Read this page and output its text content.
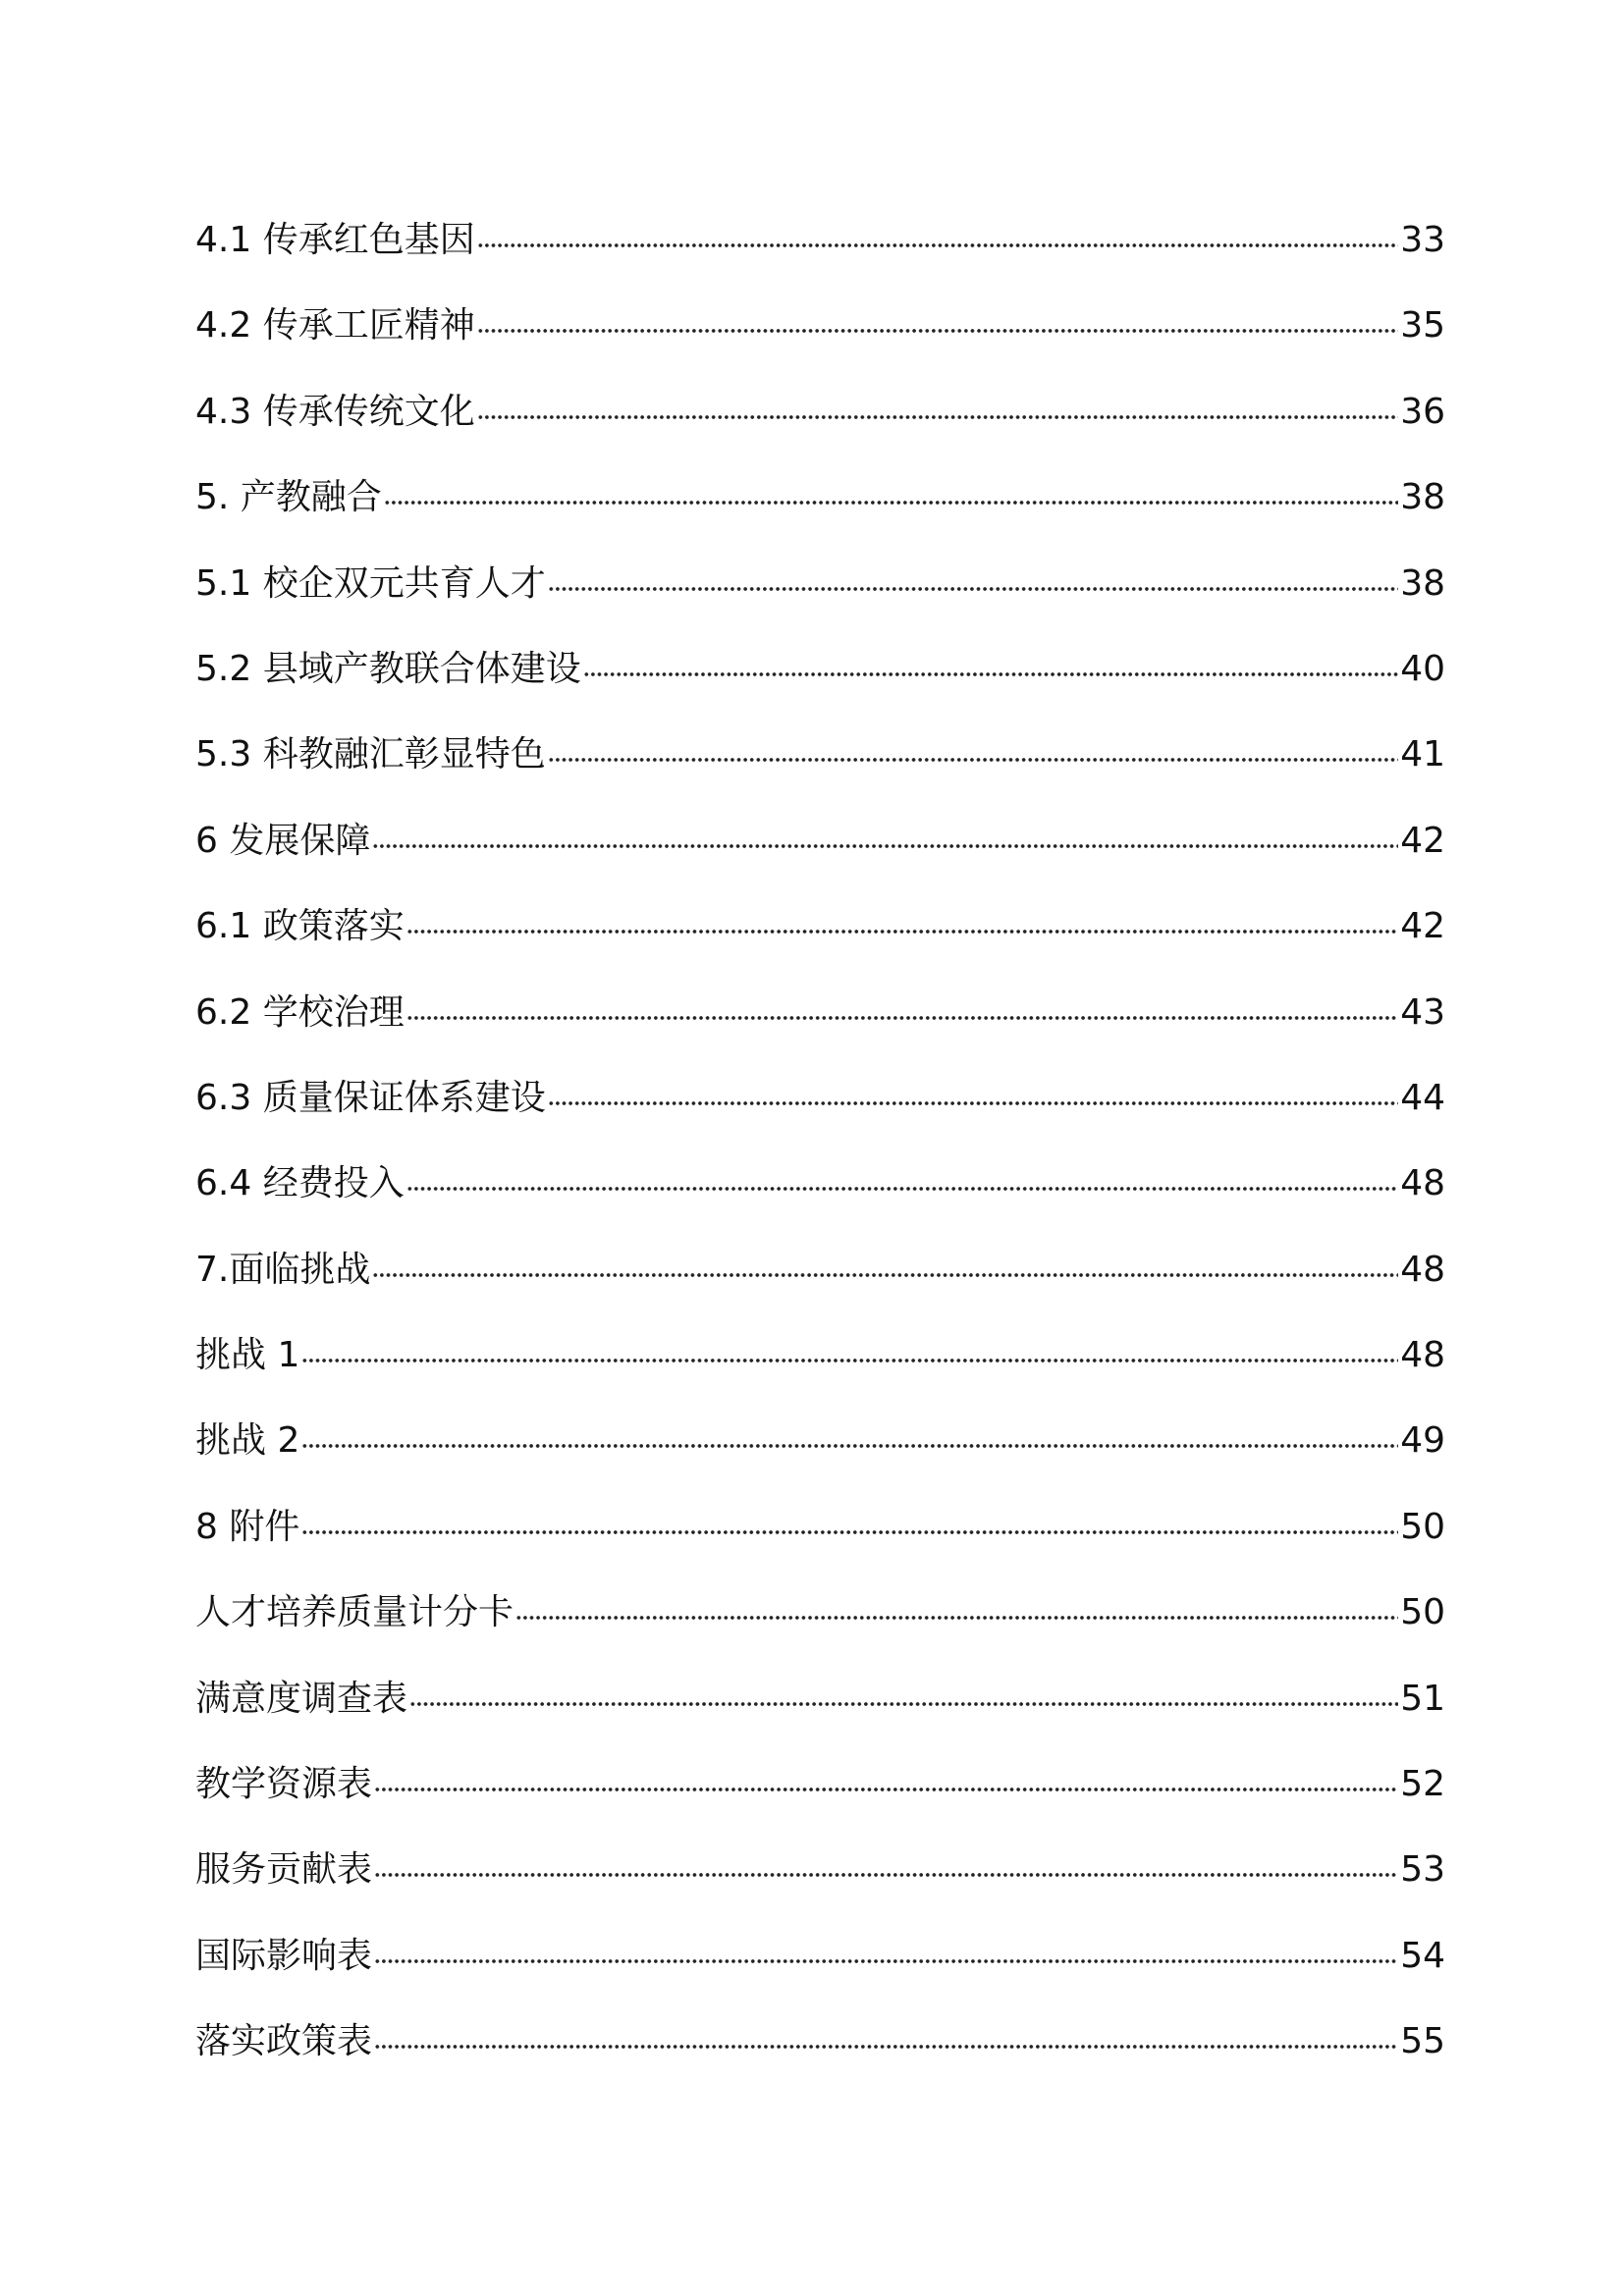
4.1 传承红色基因	33
4.2 传承工匠精神	35
4.3 传承传统文化	36
5. 产教融合	38
5.1 校企双元共育人才	38
5.2 县域产教联合体建设	40
5.3 科教融汇彰显特色	41
6 发展保障	42
6.1 政策落实	42
6.2 学校治理	43
6.3 质量保证体系建设	44
6.4 经费投入	48
7.面临挑战	48
挑战 1	48
挑战 2	49
8 附件	50
人才培养质量计分卡	50
满意度调查表	51
教学资源表	52
服务贡献表	53
国际影响表	54
落实政策表	55
